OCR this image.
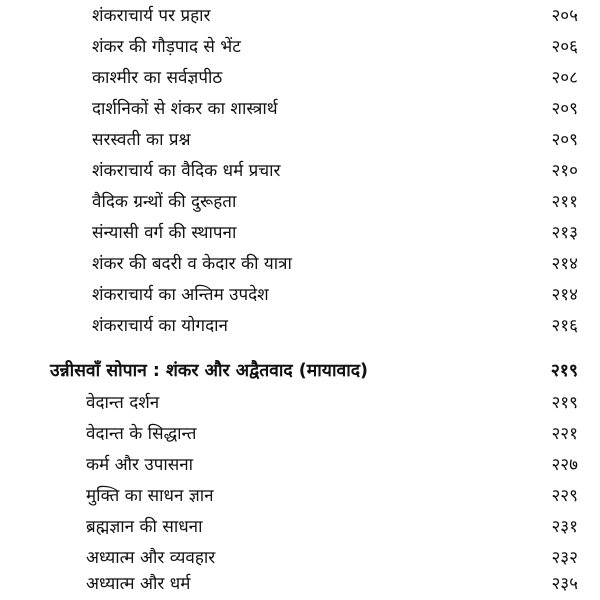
शंकराचार्य पर प्रहार	२०५
शंकर की गौड़पाद से भेंट	२०६
काश्मीर का सर्वज्ञपीठ	२०८
दार्शनिकों से शंकर का शास्त्रार्थ	२०९
सरस्वती का प्रश्न	२०९
शंकराचार्य का वैदिक धर्म प्रचार	२१०
वैदिक ग्रन्थों की दुरूहता	२११
संन्यासी वर्ग की स्थापना	२१३
शंकर की बदरी व केदार की यात्रा	२१४
शंकराचार्य का अन्तिम उपदेश	२१४
शंकराचार्य का योगदान	२१६
उन्नीसवाँ सोपान : शंकर और अद्वैतवाद (मायावाद)	२१९
वेदान्त दर्शन	२१९
वेदान्त के सिद्धान्त	२२१
कर्म और उपासना	२२७
मुक्ति का साधन ज्ञान	२२९
ब्रह्मज्ञान की साधना	२३१
अध्यात्म और व्यवहार	२३२
अध्यात्म और धर्म	२३५
